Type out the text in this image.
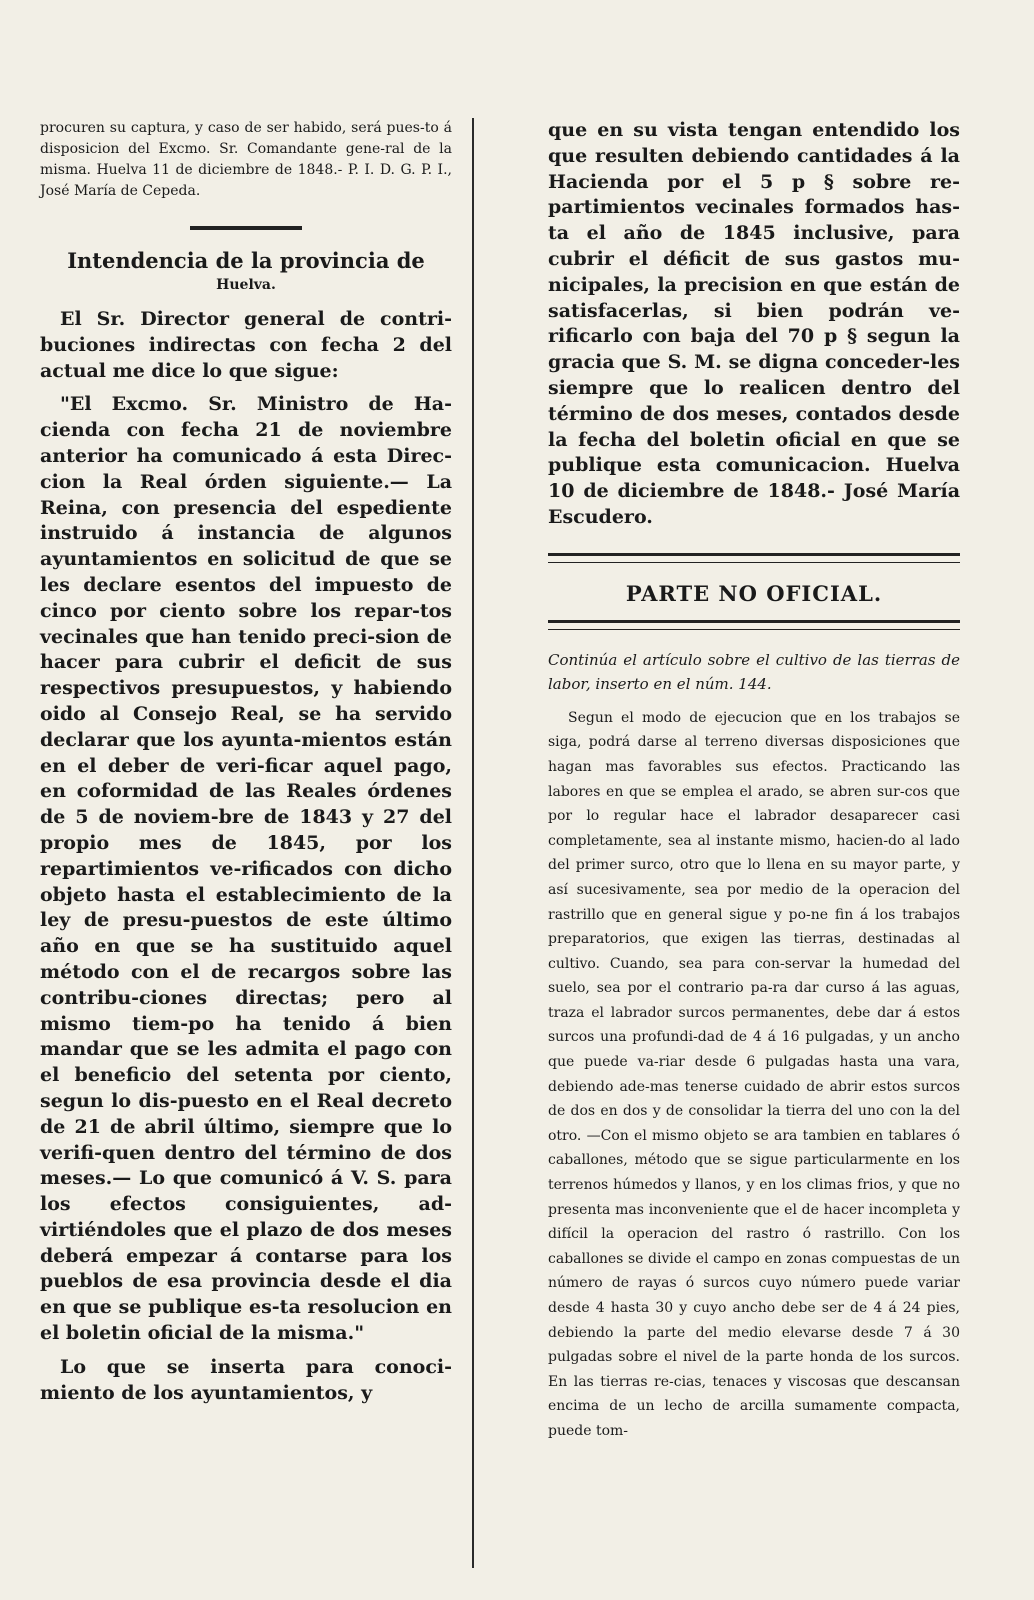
procuren su captura, y caso de ser habido, será pues-to á disposicion del Excmo. Sr. Comandante gene-ral de la misma. Huelva 11 de diciembre de 1848.- P. I. D. G. P. I., José María de Cepeda.

Intendencia de la provincia de

Huelva.

El Sr. Director general de contri-buciones indirectas con fecha 2 del actual me dice lo que sigue:

"El Excmo. Sr. Ministro de Ha-cienda con fecha 21 de noviembre anterior ha comunicado á esta Direc-cion la Real órden siguiente.— La Reina, con presencia del espediente instruido á instancia de algunos ayuntamientos en solicitud de que se les declare esentos del impuesto de cinco por ciento sobre los repar-tos vecinales que han tenido preci-sion de hacer para cubrir el deficit de sus respectivos presupuestos, y habiendo oido al Consejo Real, se ha servido declarar que los ayunta-mientos están en el deber de veri-ficar aquel pago, en coformidad de las Reales órdenes de 5 de noviem-bre de 1843 y 27 del propio mes de 1845, por los repartimientos ve-rificados con dicho objeto hasta el establecimiento de la ley de presu-puestos de este último año en que se ha sustituido aquel método con el de recargos sobre las contribu-ciones directas; pero al mismo tiem-po ha tenido á bien mandar que se les admita el pago con el beneficio del setenta por ciento, segun lo dis-puesto en el Real decreto de 21 de abril último, siempre que lo verifi-quen dentro del término de dos meses.— Lo que comunicó á V. S. para los efectos consiguientes, ad-virtiéndoles que el plazo de dos meses deberá empezar á contarse para los pueblos de esa provincia desde el dia en que se publique es-ta resolucion en el boletin oficial de la misma."

Lo que se inserta para conoci-miento de los ayuntamientos, y

que en su vista tengan entendido los que resulten debiendo cantidades á la Hacienda por el 5 p § sobre re-partimientos vecinales formados has-ta el año de 1845 inclusive, para cubrir el déficit de sus gastos mu-nicipales, la precision en que están de satisfacerlas, si bien podrán ve-rificarlo con baja del 70 p § segun la gracia que S. M. se digna conceder-les siempre que lo realicen dentro del término de dos meses, contados desde la fecha del boletin oficial en que se publique esta comunicacion. Huelva 10 de diciembre de 1848.- José María Escudero.

PARTE NO OFICIAL.

Continúa el artículo sobre el cultivo de las tierras de labor, inserto en el núm. 144.

Segun el modo de ejecucion que en los trabajos se siga, podrá darse al terreno diversas disposiciones que hagan mas favorables sus efectos. Practicando las labores en que se emplea el arado, se abren sur-cos que por lo regular hace el labrador desaparecer casi completamente, sea al instante mismo, hacien-do al lado del primer surco, otro que lo llena en su mayor parte, y así sucesivamente, sea por medio de la operacion del rastrillo que en general sigue y po-ne fin á los trabajos preparatorios, que exigen las tierras, destinadas al cultivo. Cuando, sea para con-servar la humedad del suelo, sea por el contrario pa-ra dar curso á las aguas, traza el labrador surcos permanentes, debe dar á estos surcos una profundi-dad de 4 á 16 pulgadas, y un ancho que puede va-riar desde 6 pulgadas hasta una vara, debiendo ade-mas tenerse cuidado de abrir estos surcos de dos en dos y de consolidar la tierra del uno con la del otro. —Con el mismo objeto se ara tambien en tablares ó caballones, método que se sigue particularmente en los terrenos húmedos y llanos, y en los climas frios, y que no presenta mas inconveniente que el de hacer incompleta y difícil la operacion del rastro ó rastrillo. Con los caballones se divide el campo en zonas compuestas de un número de rayas ó surcos cuyo número puede variar desde 4 hasta 30 y cuyo ancho debe ser de 4 á 24 pies, debiendo la parte del medio elevarse desde 7 á 30 pulgadas sobre el nivel de la parte honda de los surcos. En las tierras re-cias, tenaces y viscosas que descansan encima de un lecho de arcilla sumamente compacta, puede tom-
